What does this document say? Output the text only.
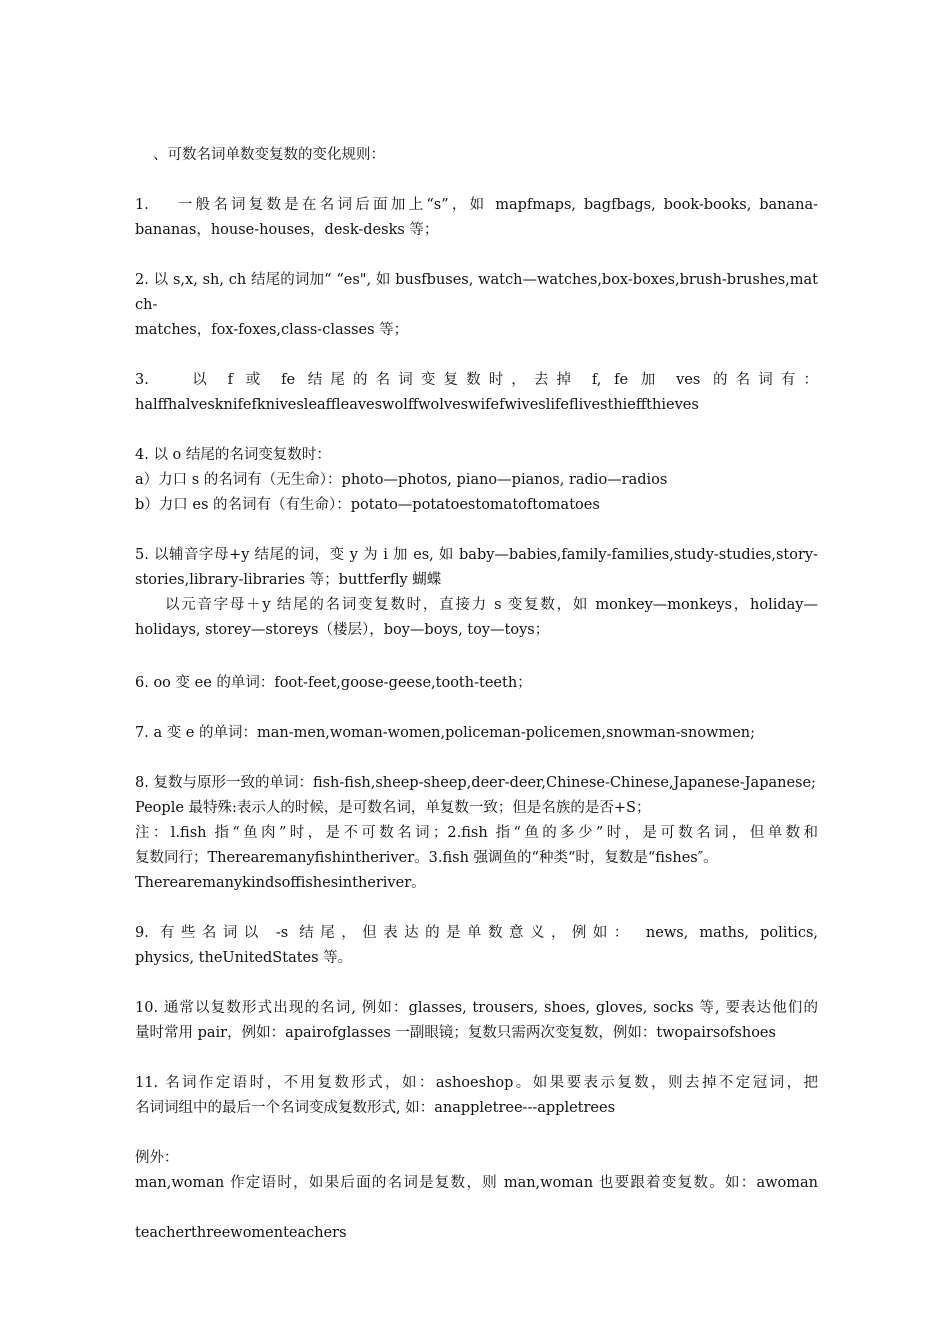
、可数名词单数变复数的变化规则：
1.　 一般名词复数是在名词后面加上“s”，如 mapfmaps, bagfbags, book-books, banana-
bananas，house-houses，desk-desks 等；
2. 以 s,x, sh, ch 结尾的词加“ “es", 如 busfbuses, watch—watches,box-boxes,brush-brushes,match-
matches，fox-foxes,class-classes 等；
3.　 以 f 或 fe 结尾的名词变复数时，去掉 f, fe 加 ves 的名词有：
halffhalvesknifefknivesleaffleaveswolffwolveswifefwiveslifeflivesthieffthieves
4. 以 o 结尾的名词变复数时：
a）力口 s 的名词有（无生命）：photo—photos, piano—pianos, radio—radios
b）力口 es 的名词有（有生命）：potato—potatoestomatoftomatoes
5. 以辅音字母+y 结尾的词，变 y 为 i 加 es, 如 baby—babies,family-families,study-studies,story-
stories,library-libraries 等；buttferfly 蝴蝶
以元音字母＋y 结尾的名词变复数时，直接力 s 变复数，如 monkey—monkeys，holiday—
holidays, storey—storeys（楼层），boy—boys, toy—toys；
6. oo 变 ee 的单词：foot-feet,goose-geese,tooth-teeth；
7. a 变 e 的单词：man-men,woman-women,policeman-policemen,snowman-snowmen;
8. 复数与原形一致的单词：fish-fish,sheep-sheep,deer-deer,Chinese-Chinese,Japanese-Japanese;
People 最特殊:表示人的时候，是可数名词，单复数一致；但是名族的是否+S；
注：l.fish 指“鱼肉”时，是不可数名词；2.fish 指“鱼的多少”时，是可数名词，但单数和
复数同行；Therearemanyfishintheriver。3.fish 强调鱼的“种类“时，复数是“fishes″。
Therearemanykindsoffishesintheriver。
9. 有些名词以 -s 结尾，但表达的是单数意义，例如： news, maths, politics,
physics, theUnitedStates 等。
10. 通常以复数形式出现的名词, 例如：glasses, trousers, shoes, gloves, socks 等, 要表达他们的
量时常用 pair，例如：apairofglasses 一副眼镜；复数只需两次变复数，例如：twopairsofshoes
11. 名词作定语时，不用复数形式，如：ashoeshop。如果要表示复数，则去掉不定冠词，把
名词词组中的最后一个名词变成复数形式, 如：anappletree---appletrees
例外：
man,woman 作定语时，如果后面的名词是复数，则 man,woman 也要跟着变复数。如：awoman
teacherthreewomenteachers
